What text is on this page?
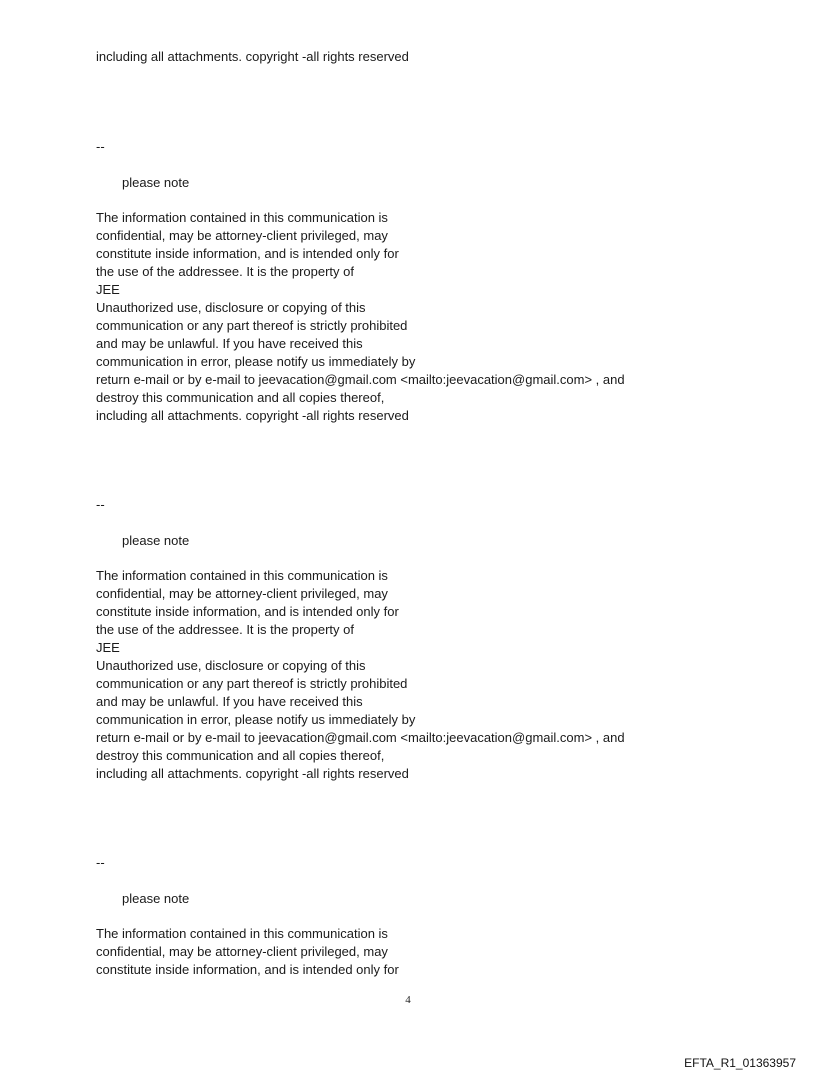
including all attachments. copyright -all rights reserved
--
please note
The information contained in this communication is
confidential, may be attorney-client privileged, may
constitute inside information, and is intended only for
the use of the addressee. It is the property of
JEE
Unauthorized use, disclosure or copying of this
communication or any part thereof is strictly prohibited
and may be unlawful. If you have received this
communication in error, please notify us immediately by
return e-mail or by e-mail to jeevacation@gmail.com <mailto:jeevacation@gmail.com> , and
destroy this communication and all copies thereof,
including all attachments. copyright -all rights reserved
--
please note
The information contained in this communication is
confidential, may be attorney-client privileged, may
constitute inside information, and is intended only for
the use of the addressee. It is the property of
JEE
Unauthorized use, disclosure or copying of this
communication or any part thereof is strictly prohibited
and may be unlawful. If you have received this
communication in error, please notify us immediately by
return e-mail or by e-mail to jeevacation@gmail.com <mailto:jeevacation@gmail.com> , and
destroy this communication and all copies thereof,
including all attachments. copyright -all rights reserved
--
please note
The information contained in this communication is
confidential, may be attorney-client privileged, may
constitute inside information, and is intended only for
4
EFTA_R1_01363957
